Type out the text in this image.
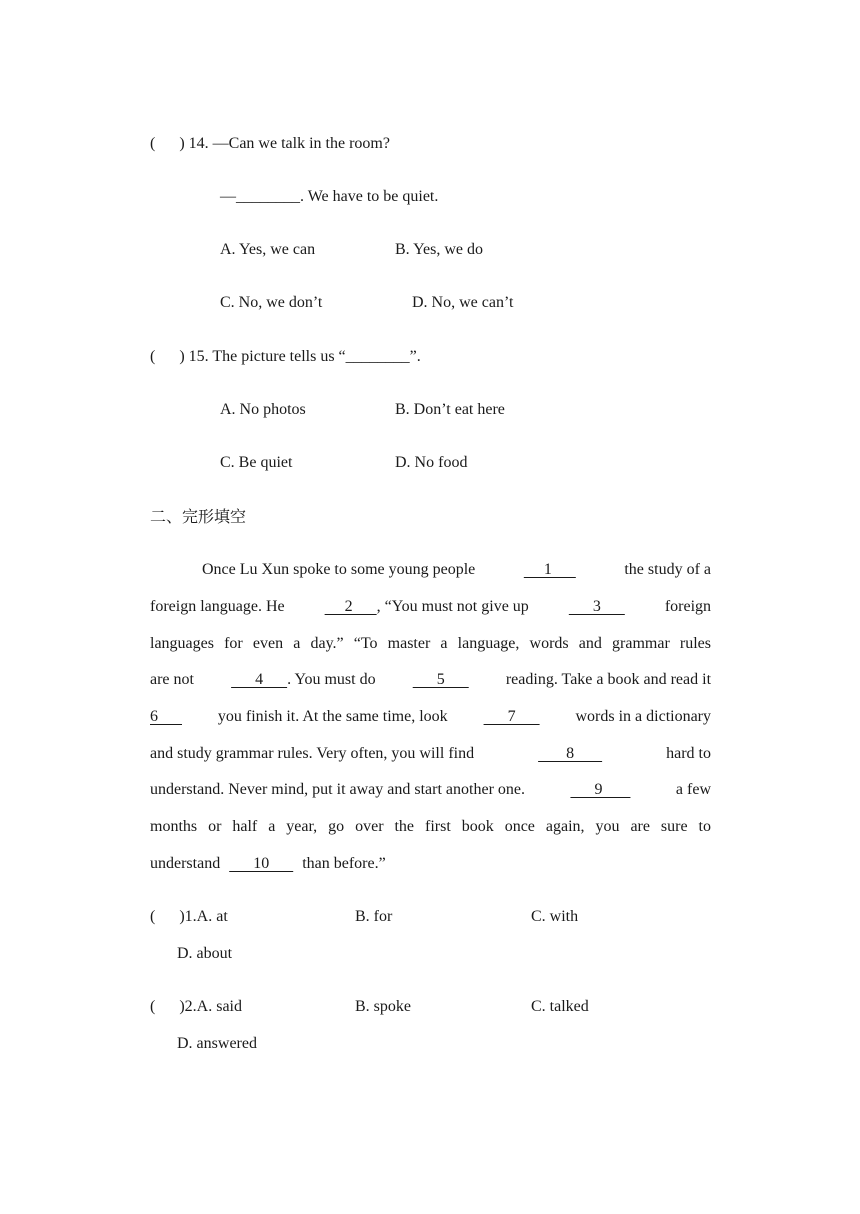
(      ) 14. —Can we talk in the room?
—________. We have to be quiet.
A. Yes, we can	B. Yes, we do
C. No, we don’t	D. No, we can’t
(      ) 15. The picture tells us “________”.
A. No photos	B. Don’t eat here
C. Be quiet	D. No food
二、完形填空
Once Lu Xun spoke to some young people	1	the study of a
foreign language. He	2      , “You must not give up	3	foreign
languages for even a day.” “To master a language, words and grammar rules
are not       4      . You must do       5       reading. Take a book and read it
6       you finish it. At the same time, look       7       words in a dictionary
and study grammar rules. Very often, you will find	8	hard to
understand. Never mind, put it away and start another one.	9	a few
months or half a year, go over the first book once again, you are sure to
understand       10       than before.”
(      )1.A. at	B. for	C. with
D. about
(      )2.A. said	B. spoke	C. talked
D. answered
